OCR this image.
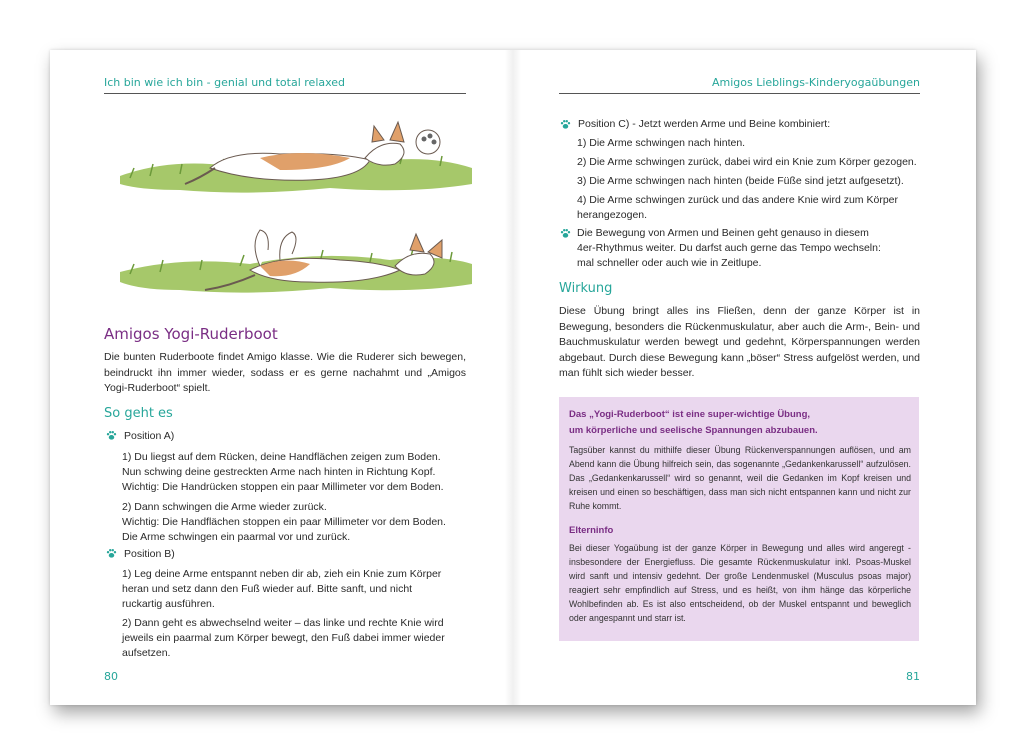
Ich bin wie ich bin - genial und total relaxed
Amigos Yogi-Ruderboot

Die bunten Ruderboote findet Amigo klasse. Wie die Ruderer sich bewegen, beindruckt ihn immer wieder, sodass er es gerne nachahmt und „Amigos Yogi-Ruderboot“ spielt.

So geht es
Position A)
1) Du liegst auf dem Rücken, deine Handflächen zeigen zum Boden.
Nun schwing deine gestreckten Arme nach hinten in Richtung Kopf.
Wichtig: Die Handrücken stoppen ein paar Millimeter vor dem Boden.
2) Dann schwingen die Arme wieder zurück.
Wichtig: Die Handflächen stoppen ein paar Millimeter vor dem Boden.
Die Arme schwingen ein paarmal vor und zurück.
Position B)
1) Leg deine Arme entspannt neben dir ab, zieh ein Knie zum Körper
heran und setz dann den Fuß wieder auf. Bitte sanft, und nicht
ruckartig ausführen.
2) Dann geht es abwechselnd weiter – das linke und rechte Knie wird
jeweils ein paarmal zum Körper bewegt, den Fuß dabei immer wieder
aufsetzen.
80
Amigos Lieblings-Kinderyogaübungen
Position C) - Jetzt werden Arme und Beine kombiniert:
1) Die Arme schwingen nach hinten.
2) Die Arme schwingen zurück, dabei wird ein Knie zum Körper gezogen.
3) Die Arme schwingen nach hinten (beide Füße sind jetzt aufgesetzt).
4) Die Arme schwingen zurück und das andere Knie wird zum Körper
herangezogen.
Die Bewegung von Armen und Beinen geht genauso in diesem
4er-Rhythmus weiter. Du darfst auch gerne das Tempo wechseln:
mal schneller oder auch wie in Zeitlupe.
Wirkung

Diese Übung bringt alles ins Fließen, denn der ganze Körper ist in Bewegung, besonders die Rückenmuskulatur, aber auch die Arm-, Bein- und Bauchmuskulatur werden bewegt und gedehnt, Körperspannungen werden abgebaut. Durch diese Bewegung kann „böser“ Stress aufgelöst werden, und man fühlt sich wieder besser.

81
Das „Yogi-Ruderboot“ ist eine super-wichtige Übung,
um körperliche und seelische Spannungen abzubauen.

Tagsüber kannst du mithilfe dieser Übung Rückenverspannungen auflösen, und am Abend kann die Übung hilfreich sein, das sogenannte „Gedankenkarussell“ aufzulösen. Das „Gedankenkarussell“ wird so genannt, weil die Gedanken im Kopf kreisen und kreisen und einen so beschäftigen, dass man sich nicht entspannen kann und nicht zur Ruhe kommt.

Elterninfo

Bei dieser Yogaübung ist der ganze Körper in Bewegung und alles wird angeregt - insbesondere der Energiefluss. Die gesamte Rückenmuskulatur inkl. Psoas-Muskel wird sanft und intensiv gedehnt. Der große Lendenmuskel (Musculus psoas major) reagiert sehr empfindlich auf Stress, und es heißt, von ihm hänge das körperliche Wohlbefinden ab. Es ist also entscheidend, ob der Muskel entspannt und beweglich oder angespannt und starr ist.
